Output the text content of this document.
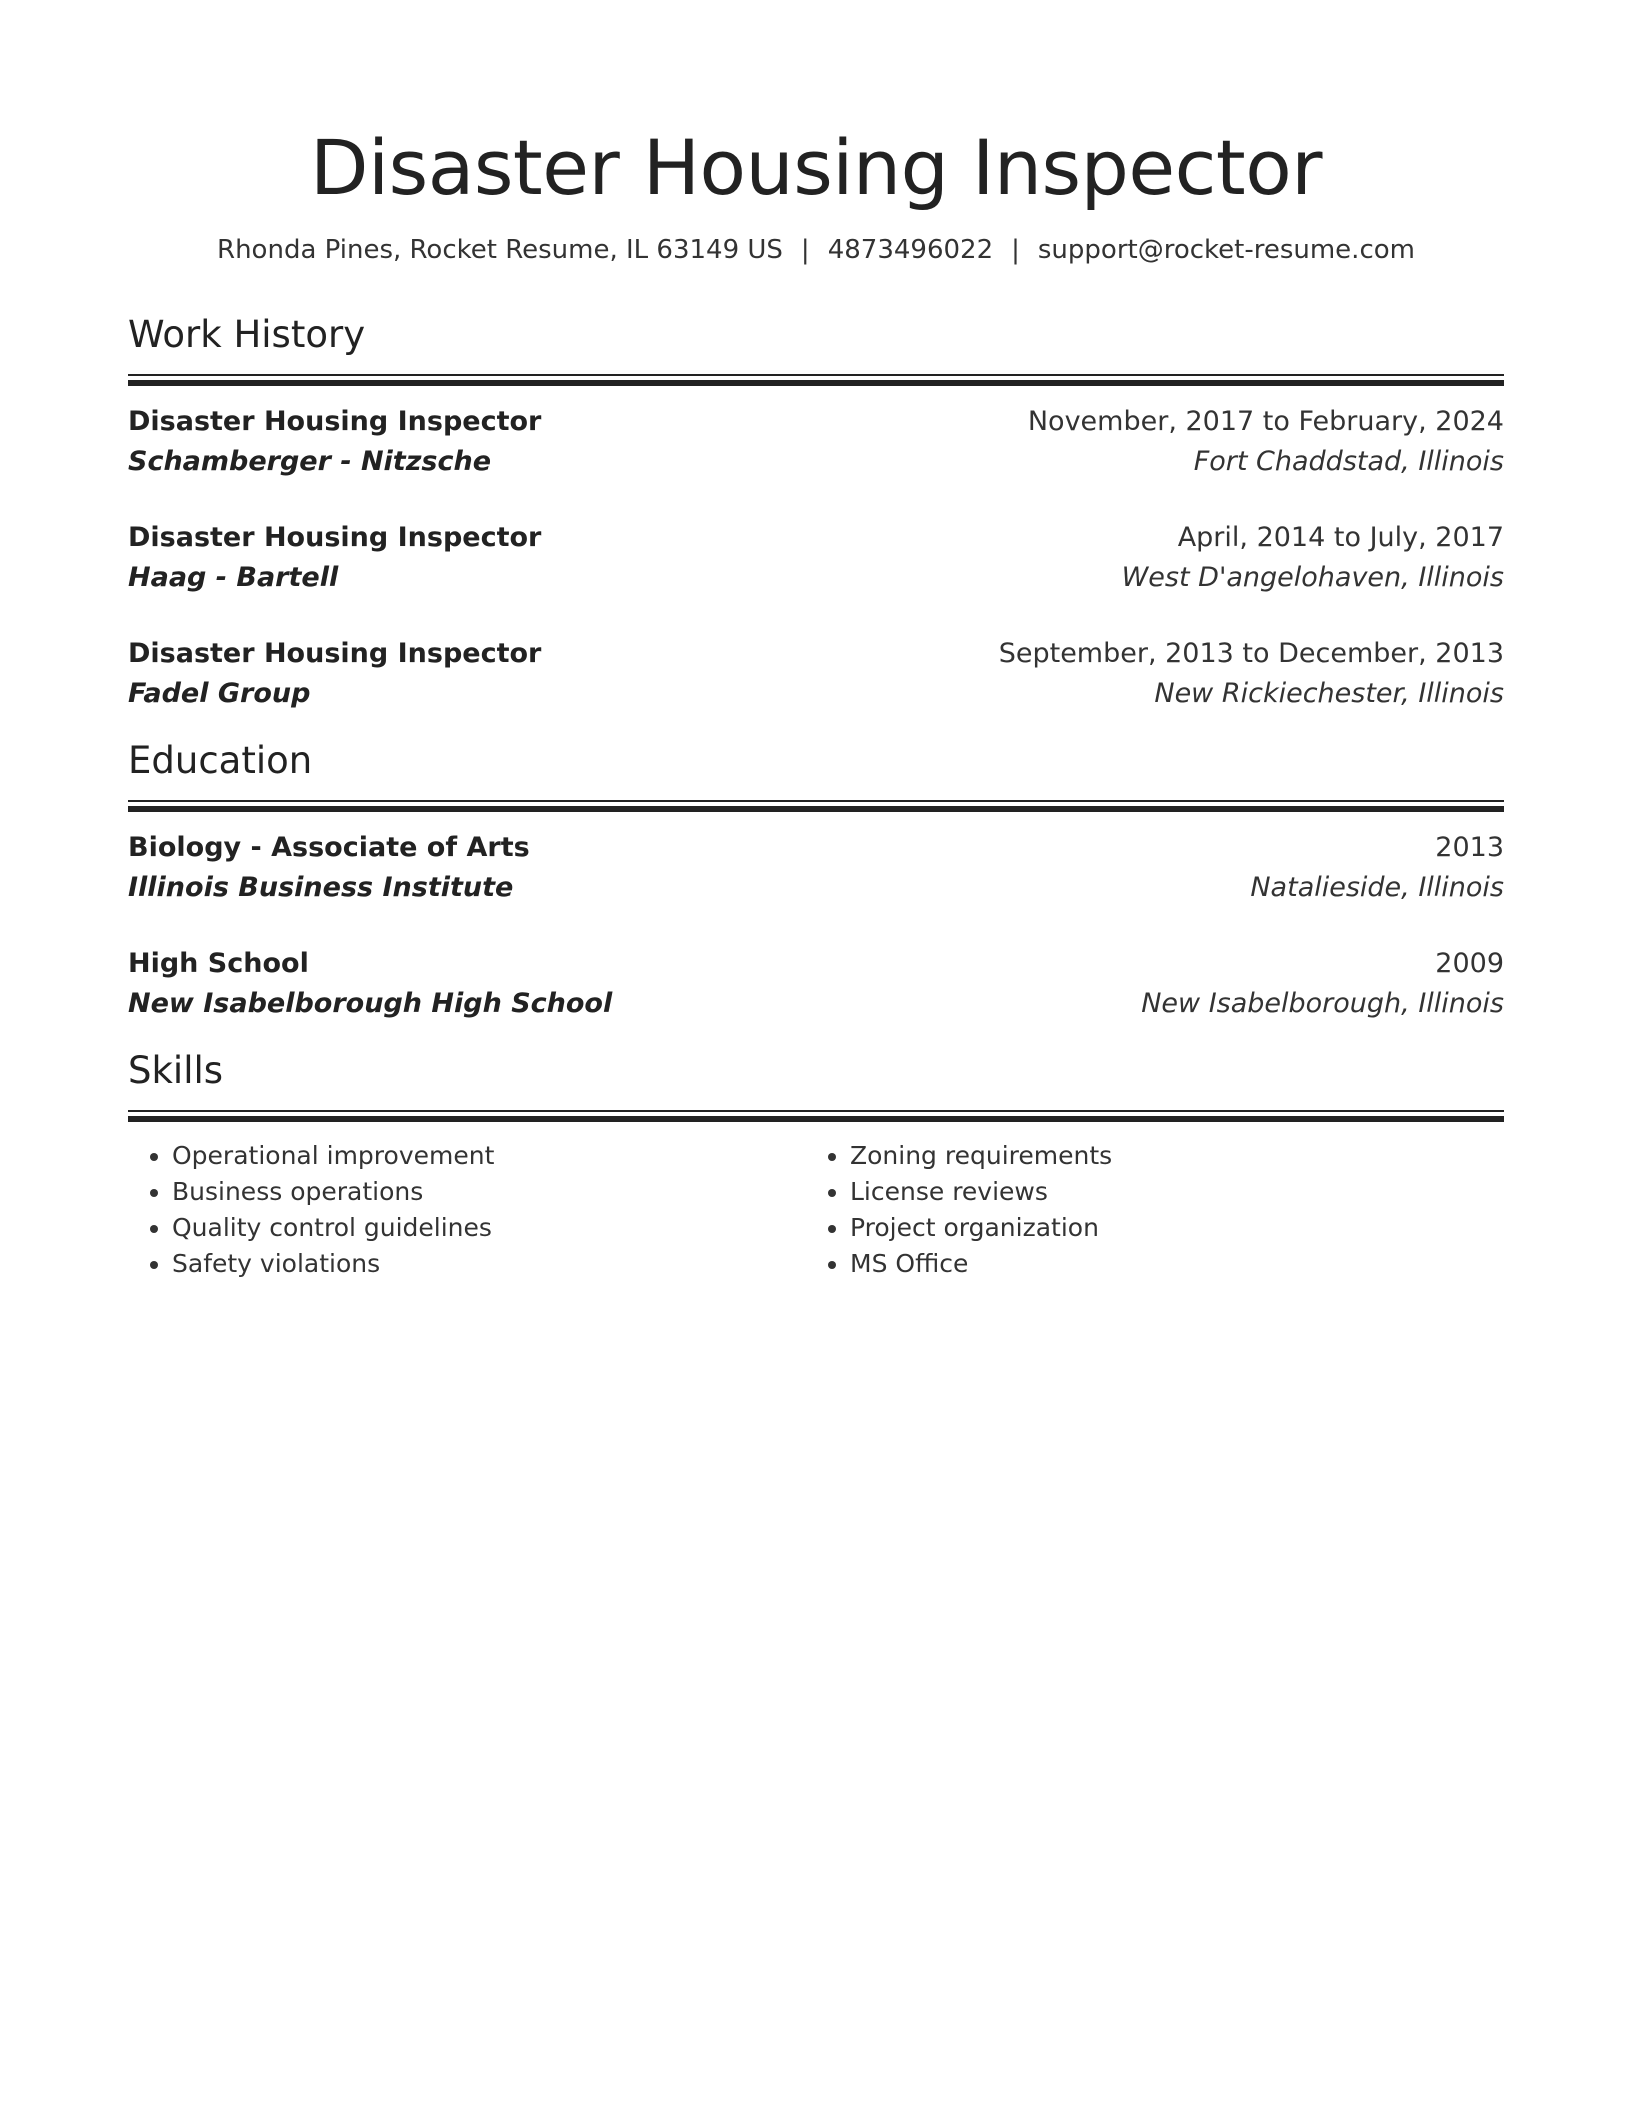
Disaster Housing Inspector
Rhonda Pines, Rocket Resume, IL 63149 US | 4873496022 | support@rocket-resume.com
Work History
Disaster Housing Inspector	November, 2017 to February, 2024
Schamberger - Nitzsche	Fort Chaddstad, Illinois
Disaster Housing Inspector	April, 2014 to July, 2017
Haag - Bartell	West D'angelohaven, Illinois
Disaster Housing Inspector	September, 2013 to December, 2013
Fadel Group	New Rickiechester, Illinois
Education
Biology - Associate of Arts	2013
Illinois Business Institute	Natalieside, Illinois
High School	2009
New Isabelborough High School	New Isabelborough, Illinois
Skills
• Operational improvement
• Business operations
• Quality control guidelines
• Safety violations
• Zoning requirements
• License reviews
• Project organization
• MS Office
